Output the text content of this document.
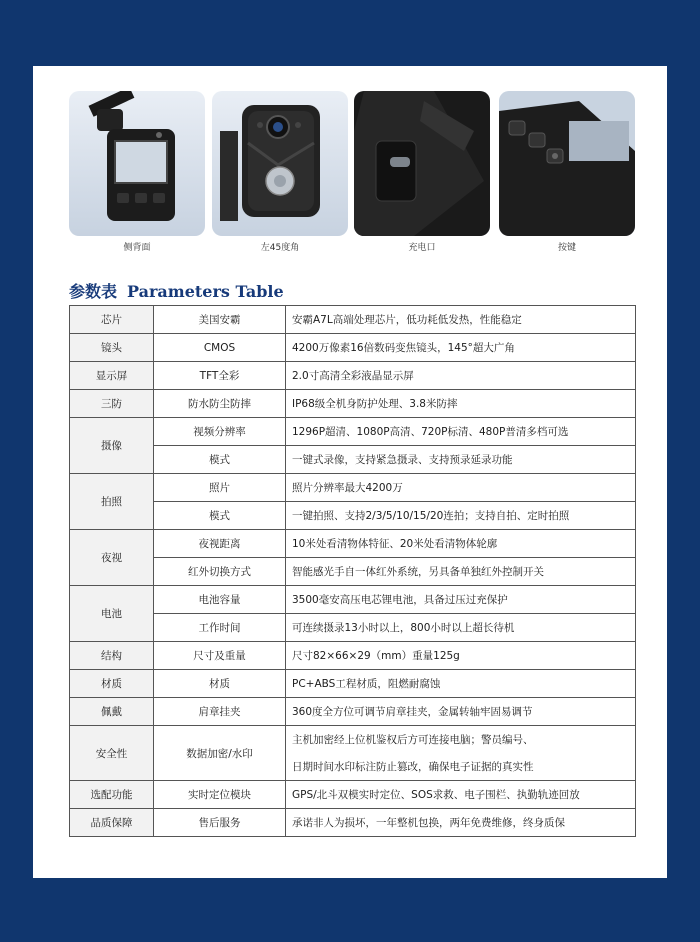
侧背面	左45度角	充电口	按键
参数表 Parameters Table
芯片	美国安霸	安霸A7L高端处理芯片，低功耗低发热，性能稳定
镜头	CMOS	4200万像素16倍数码变焦镜头，145°超大广角
显示屏	TFT全彩	2.0寸高清全彩液晶显示屏
三防	防水防尘防摔	IP68级全机身防护处理、3.8米防摔
摄像	视频分辨率	1296P超清、1080P高清、720P标清、480P普清多档可选
	模式	一键式录像，支持紧急摄录、支持预录延录功能
拍照	照片	照片分辨率最大4200万
	模式	一键拍照、支持2/3/5/10/15/20连拍；支持自拍、定时拍照
夜视	夜视距离	10米处看清物体特征、20米处看清物体轮廓
	红外切换方式	智能感光手自一体红外系统，另具备单独红外控制开关
电池	电池容量	3500毫安高压电芯锂电池，具备过压过充保护
	工作时间	可连续摄录13小时以上，800小时以上超长待机
结构	尺寸及重量	尺寸82×66×29（mm）重量125g
材质	材质	PC+ABS工程材质，阻燃耐腐蚀
佩戴	肩章挂夹	360度全方位可调节肩章挂夹，金属转轴牢固易调节
安全性	数据加密/水印	主机加密经上位机鉴权后方可连接电脑；警员编号、
		日期时间水印标注防止篡改，确保电子证据的真实性
选配功能	实时定位模块	GPS/北斗双模实时定位、SOS求救、电子围栏、执勤轨迹回放
品质保障	售后服务	承诺非人为损坏，一年整机包换，两年免费维修，终身质保
